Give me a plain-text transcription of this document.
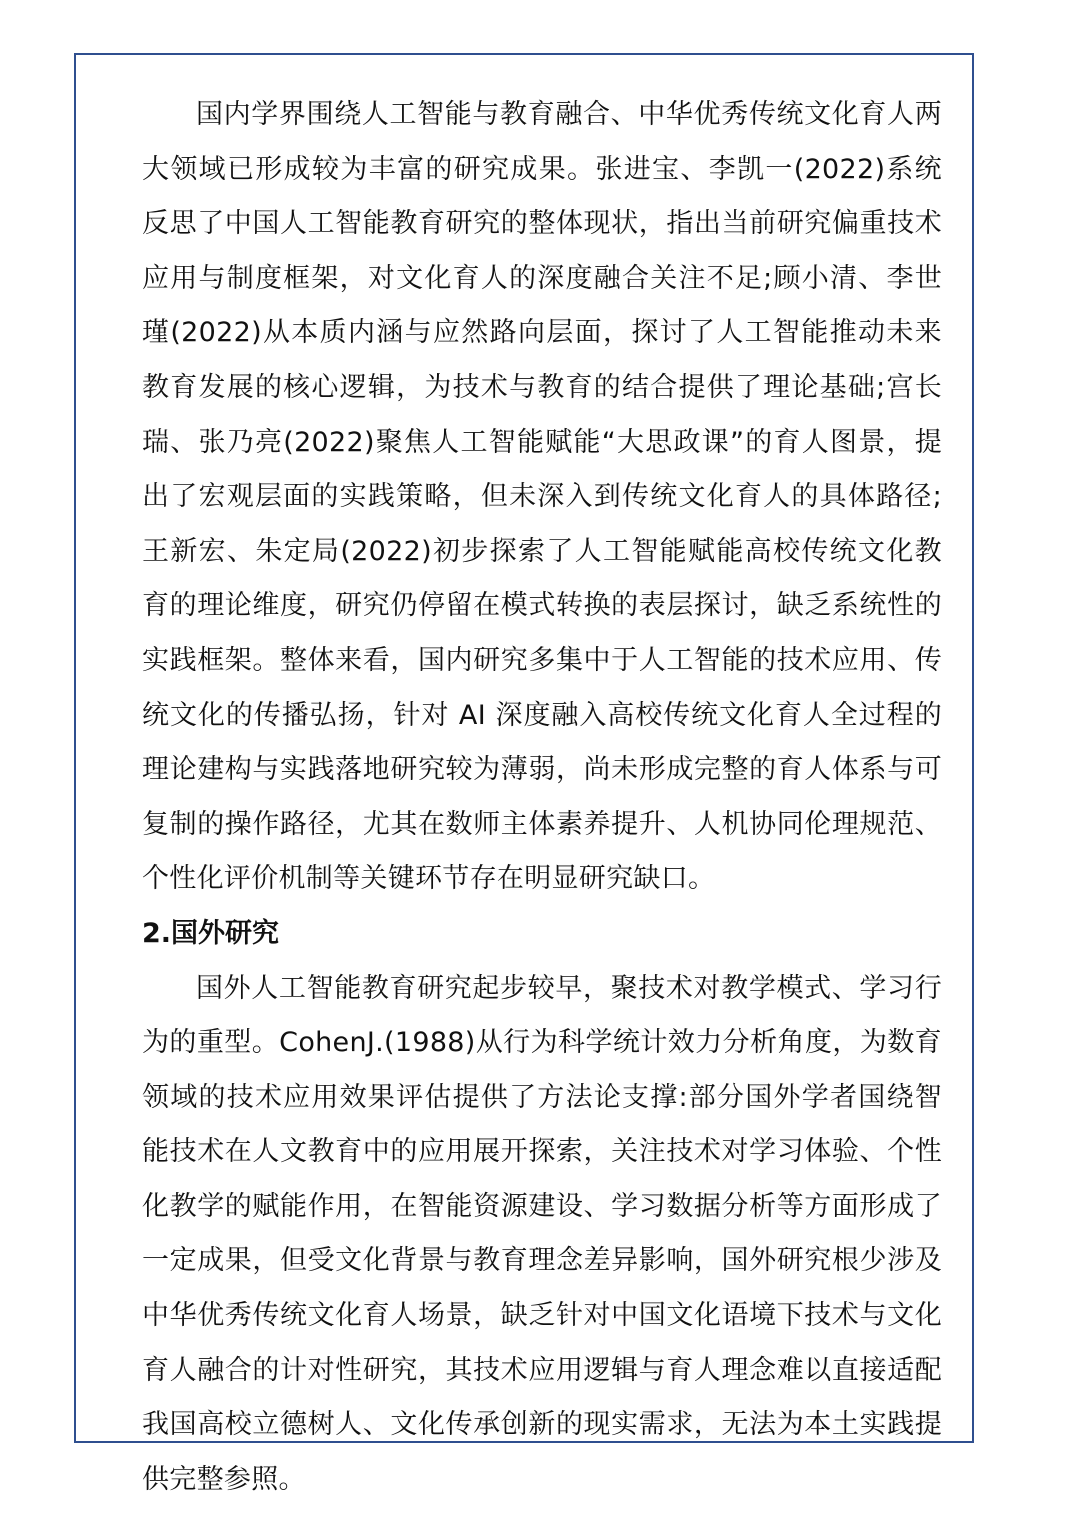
国内学界围绕人工智能与教育融合、中华优秀传统文化育人两大领域已形成较为丰富的研究成果。张进宝、李凯一(2022)系统反思了中国人工智能教育研究的整体现状，指出当前研究偏重技术应用与制度框架，对文化育人的深度融合关注不足;顾小清、李世瑾(2022)从本质内涵与应然路向层面，探讨了人工智能推动未来教育发展的核心逻辑，为技术与教育的结合提供了理论基础;宫长瑞、张乃亮(2022)聚焦人工智能赋能“大思政课”的育人图景，提出了宏观层面的实践策略，但未深入到传统文化育人的具体路径;王新宏、朱定局(2022)初步探索了人工智能赋能高校传统文化教育的理论维度，研究仍停留在模式转换的表层探讨，缺乏系统性的实践框架。整体来看，国内研究多集中于人工智能的技术应用、传统文化的传播弘扬，针对 AI 深度融入高校传统文化育人全过程的理论建构与实践落地研究较为薄弱，尚未形成完整的育人体系与可复制的操作路径，尤其在数师主体素养提升、人机协同伦理规范、个性化评价机制等关键环节存在明显研究缺口。

2.国外研究

国外人工智能教育研究起步较早，聚技术对教学模式、学习行为的重型。CohenJ.(1988)从行为科学统计效力分析角度，为数育领域的技术应用效果评估提供了方法论支撑:部分国外学者国绕智能技术在人文教育中的应用展开探索，关注技术对学习体验、个性化教学的赋能作用，在智能资源建设、学习数据分析等方面形成了一定成果，但受文化背景与教育理念差异影响，国外研究根少涉及中华优秀传统文化育人场景，缺乏针对中国文化语境下技术与文化育人融合的计对性研究，其技术应用逻辑与育人理念难以直接适配我国高校立德树人、文化传承创新的现实需求，无法为本土实践提供完整参照。
